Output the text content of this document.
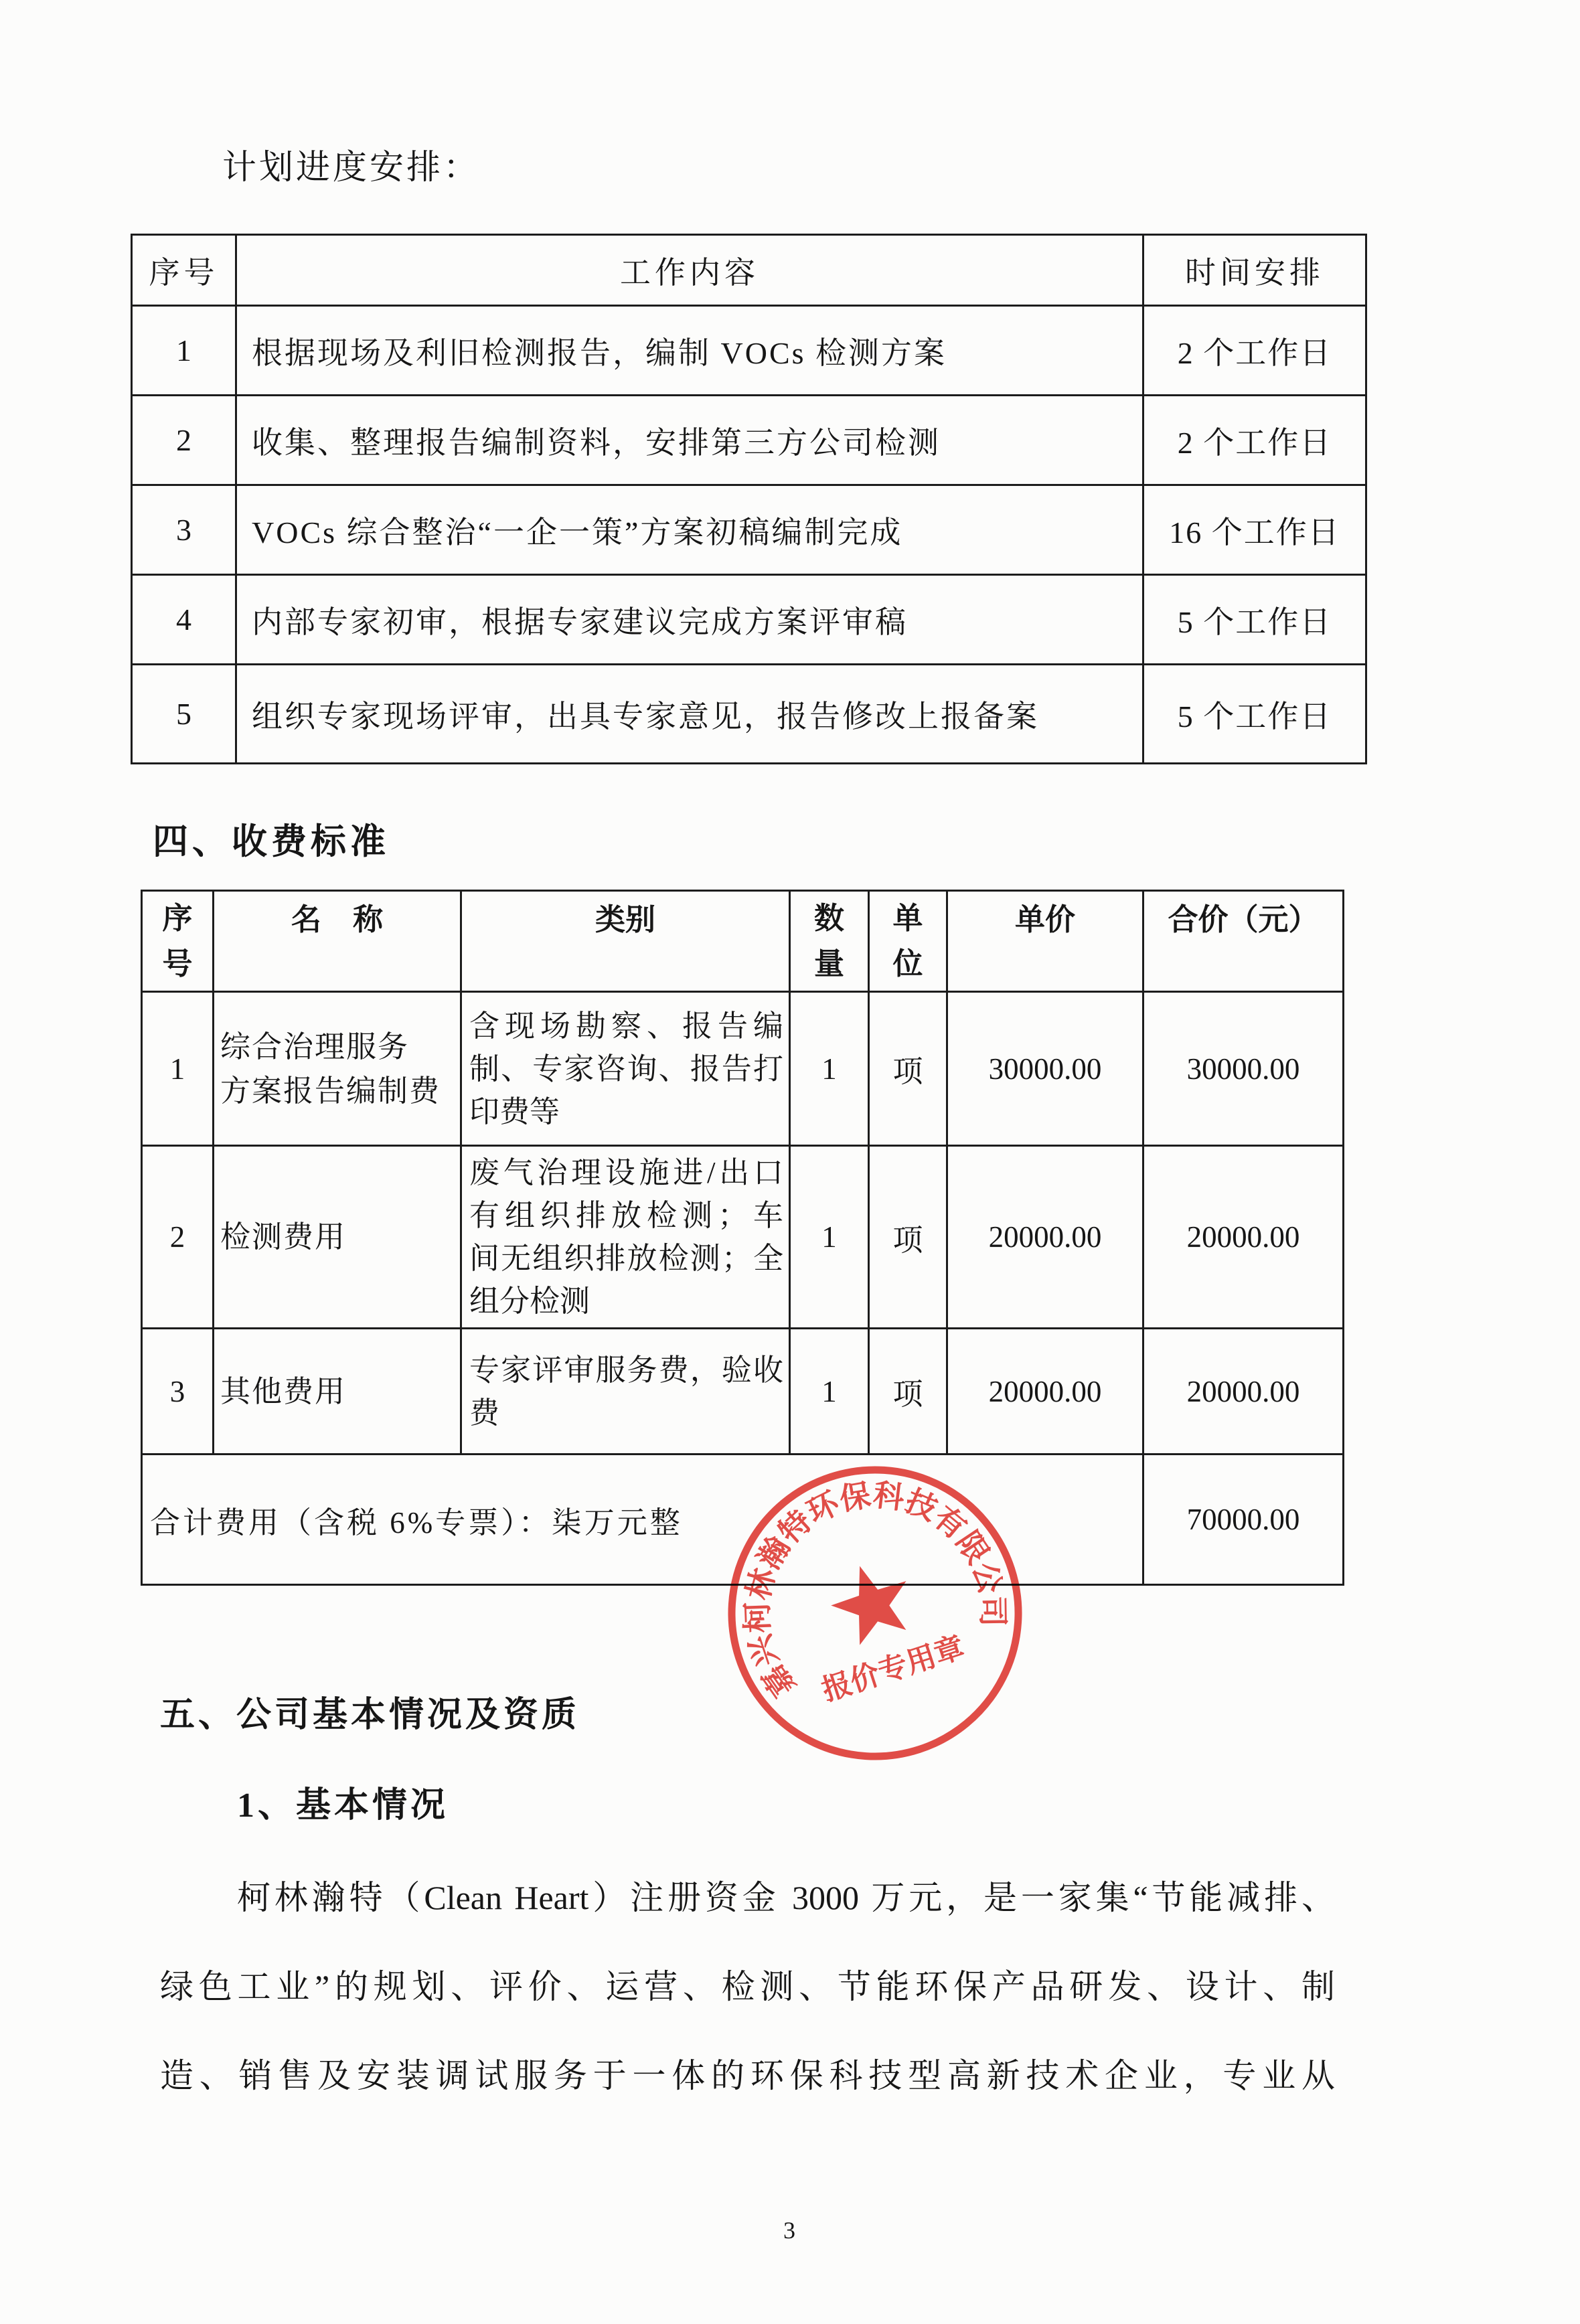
计划进度安排：
序号	工作内容	时间安排
1	根据现场及利旧检测报告，编制 VOCs 检测方案	2 个工作日
2	收集、整理报告编制资料，安排第三方公司检测	2 个工作日
3	VOCs 综合整治“一企一策”方案初稿编制完成	16 个工作日
4	内部专家初审，根据专家建议完成方案评审稿	5 个工作日
5	组织专家现场评审，出具专家意见，报告修改上报备案	5 个工作日
四、收费标准
序号	名 称	类别	数量	单位	单价	合价（元）
1	综合治理服务
方案报告编制费	含现场勘察、报告编
制、专家咨询、报告打
印费等	1	项	30000.00	30000.00
2	检测费用	废气治理设施进/出口
有组织排放检测；车
间无组织排放检测；全
组分检测	1	项	20000.00	20000.00
3	其他费用	专家评审服务费，验收
费	1	项	20000.00	20000.00
合计费用（含税 6%专票）：柒万元整						70000.00
嘉兴柯林瀚特环保科技有限公司
报价专用章
五、公司基本情况及资质
1、基本情况
柯林瀚特（Clean Heart）注册资金 3000 万元，是一家集“节能减排、
绿色工业”的规划、评价、运营、检测、节能环保产品研发、设计、制
造、销售及安装调试服务于一体的环保科技型高新技术企业，专业从
3
